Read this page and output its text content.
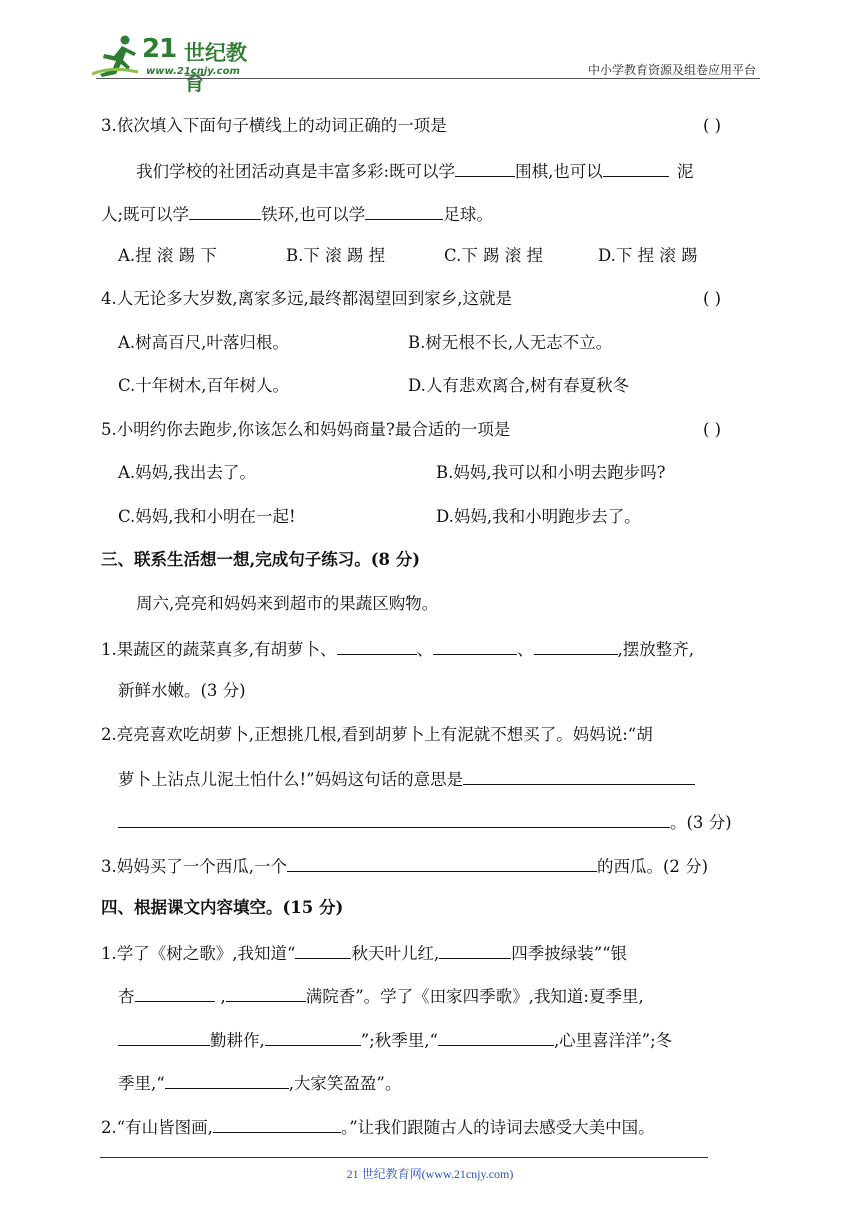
21 世纪教育
www.21cnjy.com	中小学教育资源及组卷应用平台
3.依次填入下面句子横线上的动词正确的一项是	( )
我们学校的社团活动真是丰富多彩:既可以学	围棋,也可以	泥
人;既可以学	铁环,也可以学	足球。
A.捏 滚 踢 下	B.下 滚 踢 捏	C.下 踢 滚 捏	D.下 捏 滚 踢
4.人无论多大岁数,离家多远,最终都渴望回到家乡,这就是	( )
A.树高百尺,叶落归根。	B.树无根不长,人无志不立。
C.十年树木,百年树人。	D.人有悲欢离合,树有春夏秋冬
5.小明约你去跑步,你该怎么和妈妈商量?最合适的一项是	( )
A.妈妈,我出去了。	B.妈妈,我可以和小明去跑步吗?
C.妈妈,我和小明在一起!	D.妈妈,我和小明跑步去了。
三、联系生活想一想,完成句子练习。(8 分)
周六,亮亮和妈妈来到超市的果蔬区购物。
1.果蔬区的蔬菜真多,有胡萝卜、	、	、	,摆放整齐,
新鲜水嫩。(3 分)
2.亮亮喜欢吃胡萝卜,正想挑几根,看到胡萝卜上有泥就不想买了。妈妈说:“胡
萝卜上沾点儿泥土怕什么!”妈妈这句话的意思是
。(3 分)
3.妈妈买了一个西瓜,一个	的西瓜。(2 分)
四、根据课文内容填空。(15 分)
1.学了《树之歌》,我知道“	秋天叶儿红,	四季披绿装”“银
杏	,	满院香”。学了《田家四季歌》,我知道:夏季里,
勤耕作,	”;秋季里,“	,心里喜洋洋”;冬
季里,“	,大家笑盈盈”。
2.“有山皆图画,	。”让我们跟随古人的诗词去感受大美中国。
21 世纪教育网(www.21cnjy.com)
